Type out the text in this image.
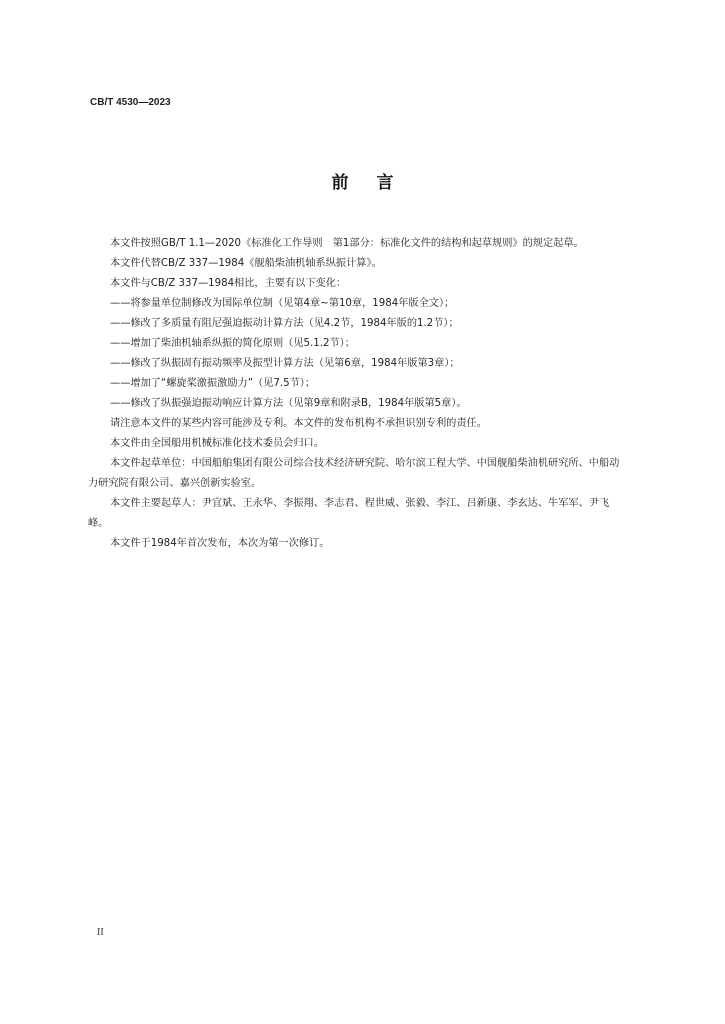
CB/T 4530—2023
前言

本文件按照GB/T 1.1—2020《标准化工作导则　第1部分：标准化文件的结构和起草规则》的规定起草。

本文件代替CB/Z 337—1984《舰船柴油机轴系纵振计算》。

本文件与CB/Z 337—1984相比，主要有以下变化：

——将参量单位制修改为国际单位制（见第4章~第10章，1984年版全文）；

——修改了多质量有阻尼强迫振动计算方法（见4.2节，1984年版的1.2节）；

——增加了柴油机轴系纵振的简化原则（见5.1.2节）；

——修改了纵振固有振动频率及振型计算方法（见第6章，1984年版第3章）；

——增加了“螺旋桨激振激励力”（见7.5节）；

——修改了纵振强迫振动响应计算方法（见第9章和附录B，1984年版第5章）。

请注意本文件的某些内容可能涉及专利。本文件的发布机构不承担识别专利的责任。

本文件由全国船用机械标准化技术委员会归口。

本文件起草单位：中国船舶集团有限公司综合技术经济研究院、哈尔滨工程大学、中国舰船柴油机研究所、中船动力研究院有限公司、嘉兴创新实验室。

本文件主要起草人：尹宜斌、王永华、李振翔、李志君、程世威、张毅、李江、吕新康、李玄达、牛军军、尹飞峰。

本文件于1984年首次发布，本次为第一次修订。

II
